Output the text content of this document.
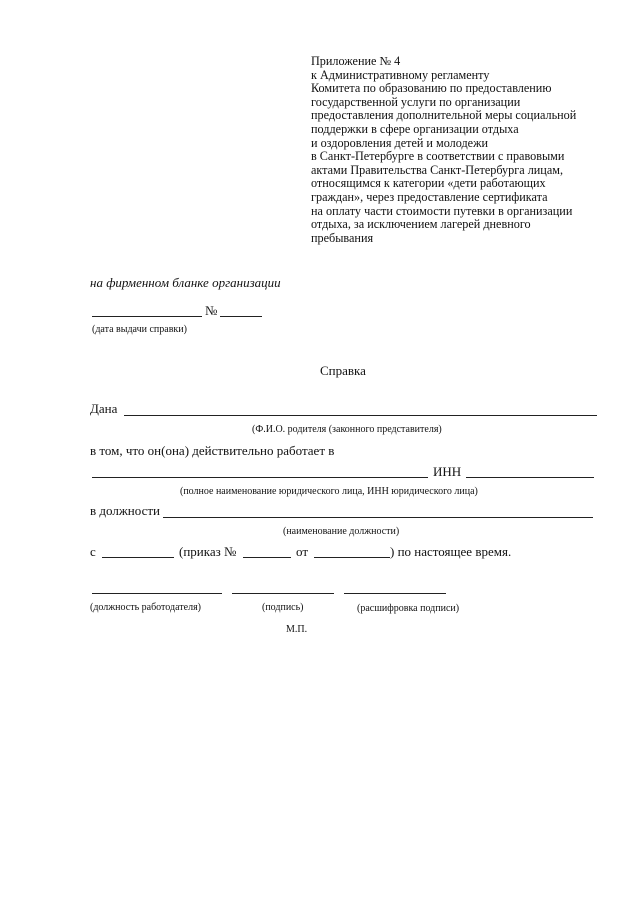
Приложение № 4
к Административному регламенту
Комитета по образованию по предоставлению
государственной услуги по организации
предоставления дополнительной меры социальной
поддержки в сфере организации отдыха
и оздоровления детей и молодежи
в Санкт-Петербурге в соответствии с правовыми
актами Правительства Санкт-Петербурга лицам,
относящимся к категории «дети работающих
граждан», через предоставление сертификата
на оплату части стоимости путевки в организации
отдыха, за исключением лагерей дневного
пребывания
на фирменном бланке организации
№
(дата выдачи справки)
Справка
Дана
(Ф.И.О. родителя (законного представителя)
в том, что он(она) действительно работает в
ИНН
(полное наименование юридического лица, ИНН юридического лица)
в должности
(наименование должности)
с	(приказ №	от	) по настоящее время.
(должность работодателя)	(подпись)	(расшифровка подписи)
М.П.
